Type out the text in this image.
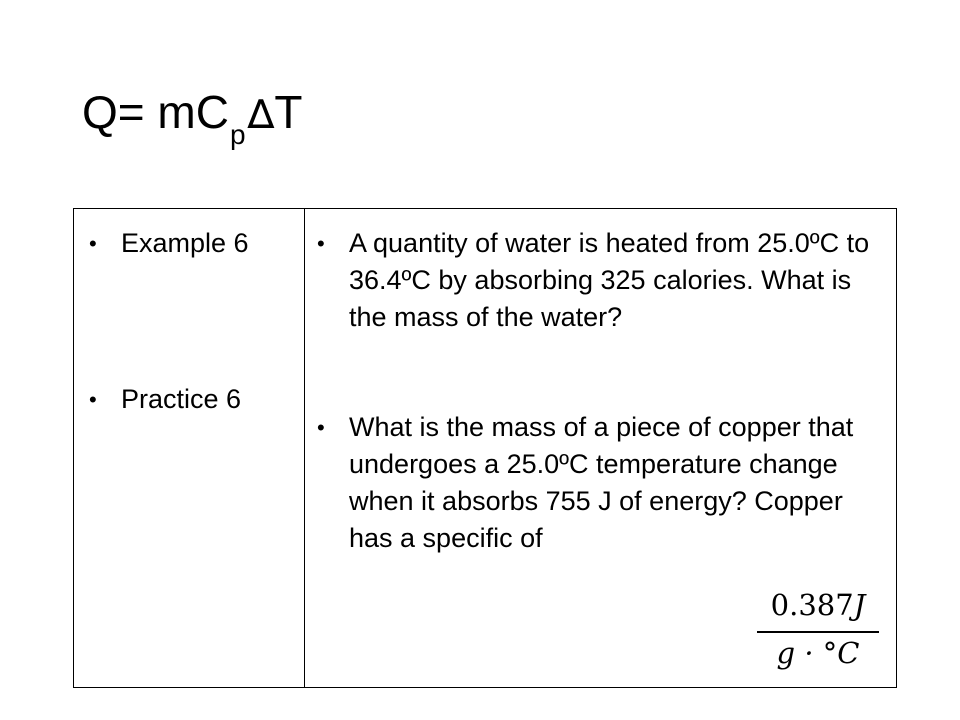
$Q= mC_p\Delta T$
• Example 6
• Practice 6
• A quantity of water is heated from 25.0ºC to 36.4ºC by absorbing 325 calories. What is the mass of the water?
• What is the mass of a piece of copper that undergoes a 25.0ºC temperature change when it absorbs 755 J of energy? Copper has a specific of
0.387J
g · °C
